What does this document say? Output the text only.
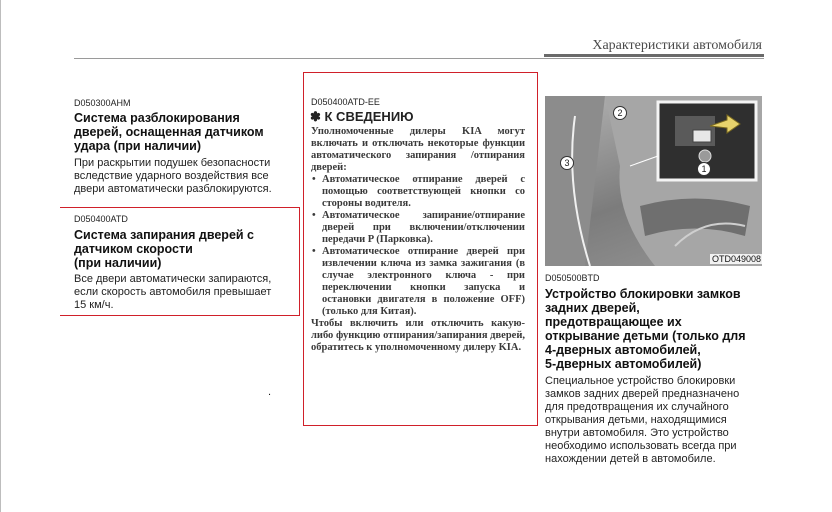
Характеристики автомобиля
D050300AHM
Система разблокирования
дверей, оснащенная датчиком
удара (при наличии)
При раскрытии подушек безопасности
вследствие ударного воздействия все
двери автоматически разблокируются.
D050400ATD
Система запирания дверей с
датчиком скорости
(при наличии)
Все двери автоматически запираются,
если скорость автомобиля превышает
15 км/ч.
D050400ATD-EE
✽ К СВЕДЕНИЮ

Уполномоченные дилеры KIA могут включать и отключать некоторые функции автоматического запирания /отпирания дверей:

• Автоматическое отпирание дверей с помощью соответствующей кнопки со стороны водителя.
• Автоматическое запирание/отпирание дверей при включении/отключении передачи P (Парковка).
• Автоматическое отпирание дверей при извлечении ключа из замка зажигания (в случае электронного ключа - при переключении кнопки запуска и остановки двигателя в положение OFF) (только для Китая).

Чтобы включить или отключить какую-либо функцию отпирания/запирания дверей, обратитесь к уполномоченному дилеру KIA.

.
2
1
3
OTD049008
D050500BTD
Устройство блокировки замков
задних дверей,
предотвращающее их
открывание детьми (только для
4-дверных автомобилей,
5-дверных автомобилей)
Специальное устройство блокировки
замков задних дверей предназначено
для предотвращения их случайного
открывания детьми, находящимися
внутри автомобиля. Это устройство
необходимо использовать всегда при
нахождении детей в автомобиле.
